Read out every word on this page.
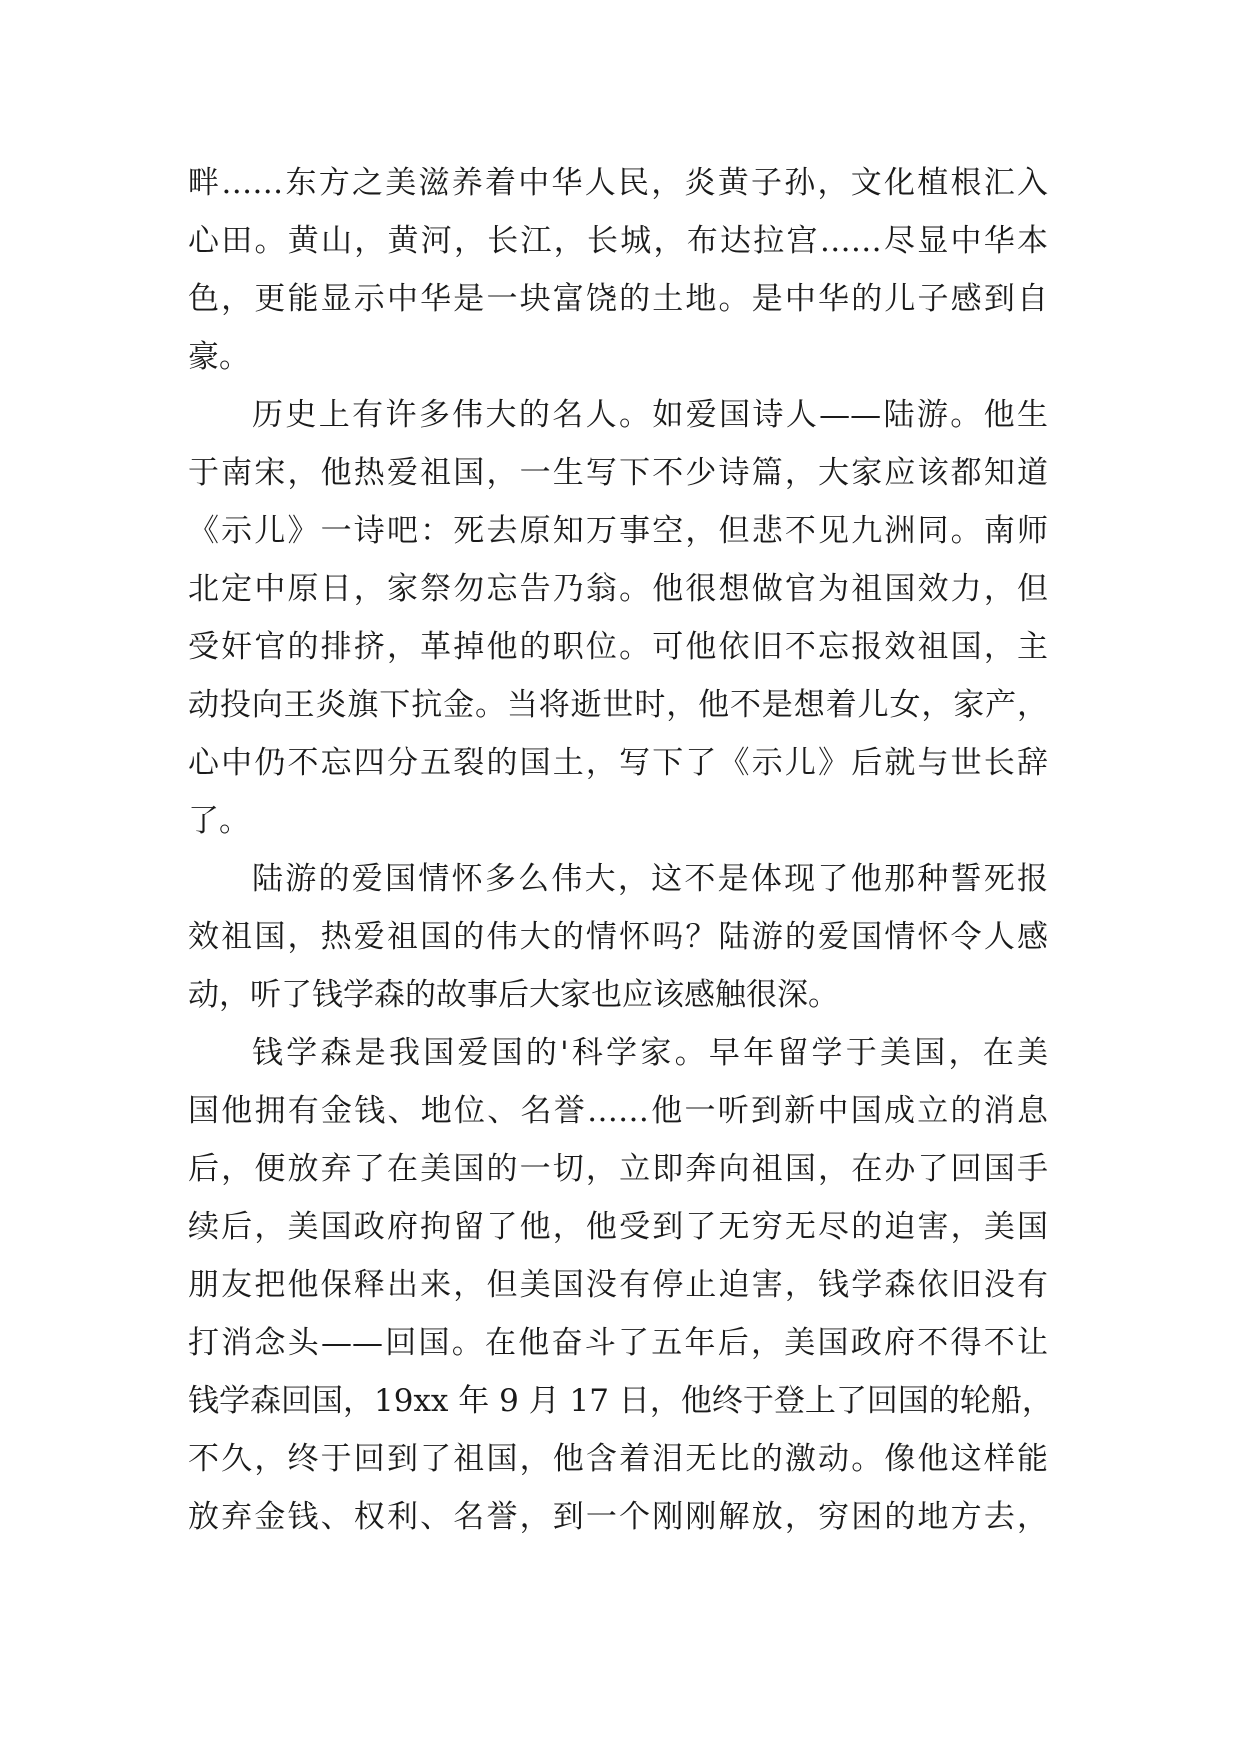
畔……东方之美滋养着中华人民，炎黄子孙，文化植根汇入
心田。黄山，黄河，长江，长城，布达拉宫……尽显中华本
色，更能显示中华是一块富饶的土地。是中华的儿子感到自
豪。
历史上有许多伟大的名人。如爱国诗人——陆游。他生
于南宋，他热爱祖国，一生写下不少诗篇，大家应该都知道
《示儿》一诗吧：死去原知万事空，但悲不见九洲同。南师
北定中原日，家祭勿忘告乃翁。他很想做官为祖国效力，但
受奸官的排挤，革掉他的职位。可他依旧不忘报效祖国，主
动投向王炎旗下抗金。当将逝世时，他不是想着儿女，家产，
心中仍不忘四分五裂的国土，写下了《示儿》后就与世长辞
了。
陆游的爱国情怀多么伟大，这不是体现了他那种誓死报
效祖国，热爱祖国的伟大的情怀吗？陆游的爱国情怀令人感
动，听了钱学森的故事后大家也应该感触很深。
钱学森是我国爱国的'科学家。早年留学于美国，在美
国他拥有金钱、地位、名誉……他一听到新中国成立的消息
后，便放弃了在美国的一切，立即奔向祖国，在办了回国手
续后，美国政府拘留了他，他受到了无穷无尽的迫害，美国
朋友把他保释出来，但美国没有停止迫害，钱学森依旧没有
打消念头——回国。在他奋斗了五年后，美国政府不得不让
钱学森回国，19xx 年 9 月 17 日，他终于登上了回国的轮船，
不久，终于回到了祖国，他含着泪无比的激动。像他这样能
放弃金钱、权利、名誉，到一个刚刚解放，穷困的地方去，
